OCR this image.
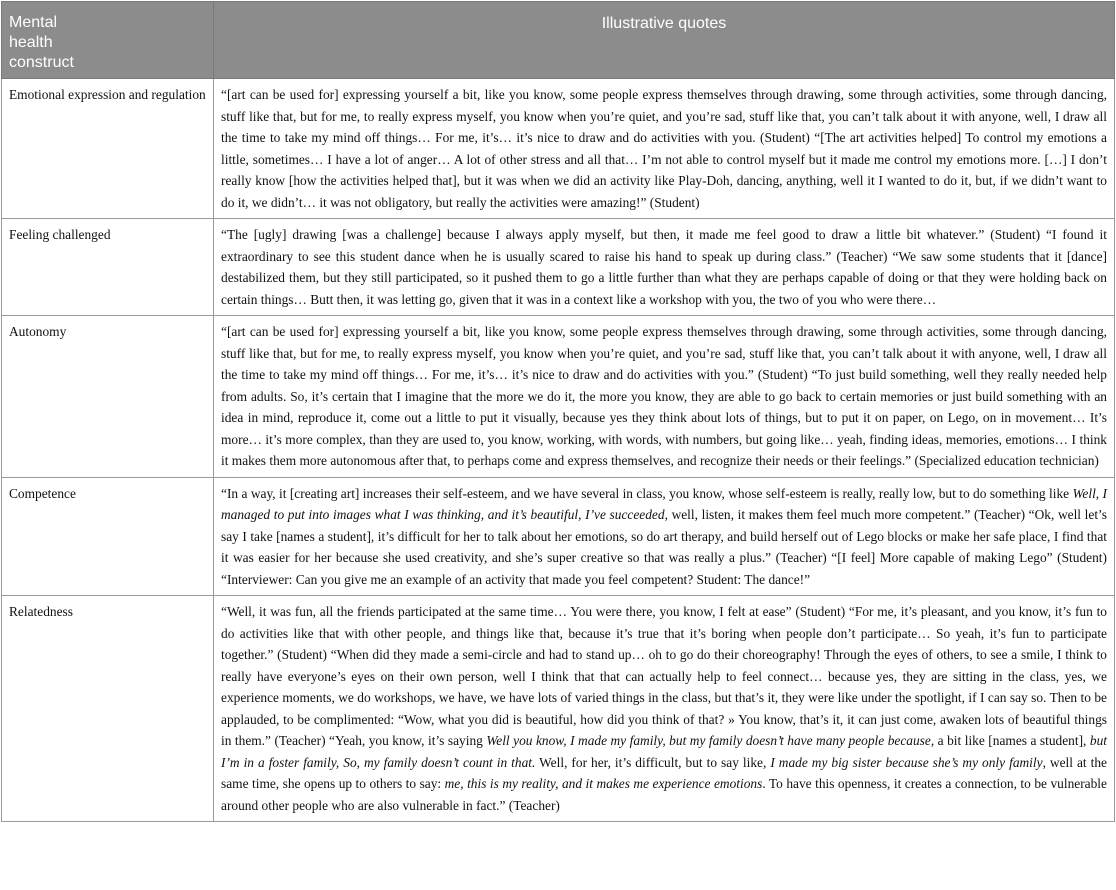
Mental
health
construct	Illustrative quotes
Emotional expression and regulation	“[art can be used for] expressing yourself a bit, like you know, some people express themselves through drawing, some through activities, some through dancing, stuff like that, but for me, to really express myself, you know when you’re quiet, and you’re sad, stuff like that, you can’t talk about it with anyone, well, I draw all the time to take my mind off things… For me, it’s… it’s nice to draw and do activities with you. (Student) “[The art activities helped] To control my emotions a little, sometimes… I have a lot of anger… A lot of other stress and all that… I’m not able to control myself but it made me control my emotions more. […] I don’t really know [how the activities helped that], but it was when we did an activity like Play-Doh, dancing, anything, well it I wanted to do it, but, if we didn’t want to do it, we didn’t… it was not obligatory, but really the activities were amazing!” (Student)
Feeling challenged	“The [ugly] drawing [was a challenge] because I always apply myself, but then, it made me feel good to draw a little bit whatever.” (Student) “I found it extraordinary to see this student dance when he is usually scared to raise his hand to speak up during class.” (Teacher) “We saw some students that it [dance] destabilized them, but they still participated, so it pushed them to go a little further than what they are perhaps capable of doing or that they were holding back on certain things… Butt then, it was letting go, given that it was in a context like a workshop with you, the two of you who were there…
Autonomy	“[art can be used for] expressing yourself a bit, like you know, some people express themselves through drawing, some through activities, some through dancing, stuff like that, but for me, to really express myself, you know when you’re quiet, and you’re sad, stuff like that, you can’t talk about it with anyone, well, I draw all the time to take my mind off things… For me, it’s… it’s nice to draw and do activities with you.” (Student) “To just build something, well they really needed help from adults. So, it’s certain that I imagine that the more we do it, the more you know, they are able to go back to certain memories or just build something with an idea in mind, reproduce it, come out a little to put it visually, because yes they think about lots of things, but to put it on paper, on Lego, on in movement… It’s more… it’s more complex, than they are used to, you know, working, with words, with numbers, but going like… yeah, finding ideas, memories, emotions… I think it makes them more autonomous after that, to perhaps come and express themselves, and recognize their needs or their feelings.” (Specialized education technician)
Competence	“In a way, it [creating art] increases their self-esteem, and we have several in class, you know, whose self-esteem is really, really low, but to do something like Well, I managed to put into images what I was thinking, and it’s beautiful, I’ve succeeded, well, listen, it makes them feel much more competent.” (Teacher) “Ok, well let’s say I take [names a student], it’s difficult for her to talk about her emotions, so do art therapy, and build herself out of Lego blocks or make her safe place, I find that it was easier for her because she used creativity, and she’s super creative so that was really a plus.” (Teacher) “[I feel] More capable of making Lego” (Student) “Interviewer: Can you give me an example of an activity that made you feel competent? Student: The dance!”
Relatedness	“Well, it was fun, all the friends participated at the same time… You were there, you know, I felt at ease” (Student) “For me, it’s pleasant, and you know, it’s fun to do activities like that with other people, and things like that, because it’s true that it’s boring when people don’t participate… So yeah, it’s fun to participate together.” (Student) “When did they made a semi-circle and had to stand up… oh to go do their choreography! Through the eyes of others, to see a smile, I think to really have everyone’s eyes on their own person, well I think that that can actually help to feel connect… because yes, they are sitting in the class, yes, we experience moments, we do workshops, we have, we have lots of varied things in the class, but that’s it, they were like under the spotlight, if I can say so. Then to be applauded, to be complimented: “Wow, what you did is beautiful, how did you think of that? » You know, that’s it, it can just come, awaken lots of beautiful things in them.” (Teacher) “Yeah, you know, it’s saying Well you know, I made my family, but my family doesn’t have many people because, a bit like [names a student], but I’m in a foster family, So, my family doesn’t count in that. Well, for her, it’s difficult, but to say like, I made my big sister because she’s my only family, well at the same time, she opens up to others to say: me, this is my reality, and it makes me experience emotions. To have this openness, it creates a connection, to be vulnerable around other people who are also vulnerable in fact.” (Teacher)
